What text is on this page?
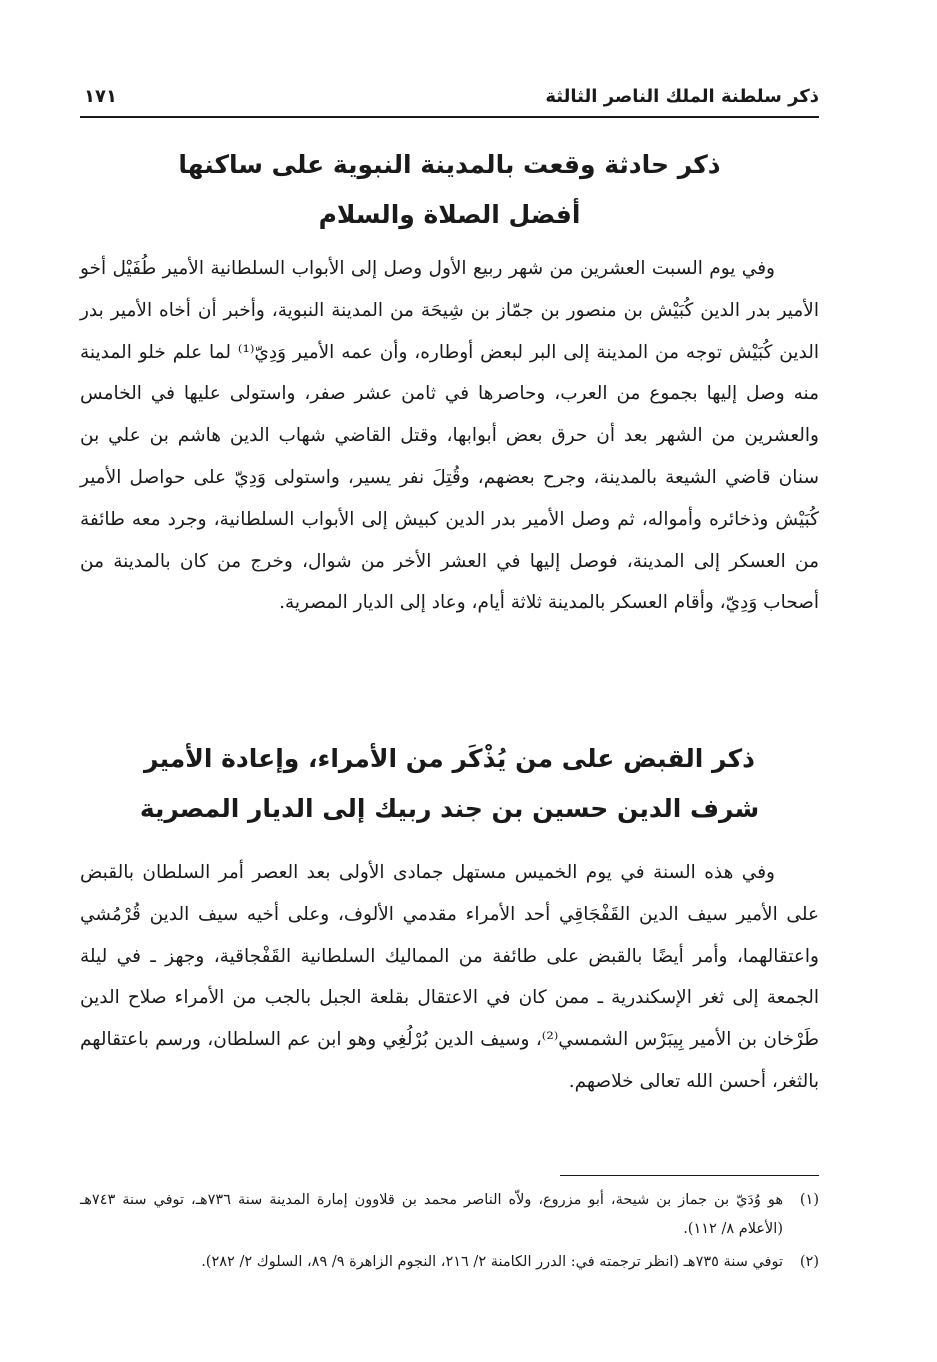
ذكر سلطنة الملك الناصر الثالثة
١٧١
ذكر حادثة وقعت بالمدينة النبوية على ساكنها
أفضل الصلاة والسلام

وفي يوم السبت العشرين من شهر ربيع الأول وصل إلى الأبواب السلطانية الأمير طُفَيْل أخو الأمير بدر الدين كُبَيْش بن منصور بن جمّاز بن شِيحَة من المدينة النبوية، وأخبر أن أخاه الأمير بدر الدين كُبَيْش توجه من المدينة إلى البر لبعض أوطاره، وأن عمه الأمير وَدِيّ⁽¹⁾ لما علم خلو المدينة منه وصل إليها بجموع من العرب، وحاصرها في ثامن عشر صفر، واستولى عليها في الخامس والعشرين من الشهر بعد أن حرق بعض أبوابها، وقتل القاضي شهاب الدين هاشم بن علي بن سنان قاضي الشيعة بالمدينة، وجرح بعضهم، وقُتِلَ نفر يسير، واستولى وَدِيّ على حواصل الأمير كُبَيْش وذخائره وأمواله، ثم وصل الأمير بدر الدين كبيش إلى الأبواب السلطانية، وجرد معه طائفة من العسكر إلى المدينة، فوصل إليها في العشر الأخر من شوال، وخرج من كان بالمدينة من أصحاب وَدِيّ، وأقام العسكر بالمدينة ثلاثة أيام، وعاد إلى الديار المصرية.

ذكر القبض على من يُذْكَر من الأمراء، وإعادة الأمير
شرف الدين حسين بن جند ربيك إلى الديار المصرية

وفي هذه السنة في يوم الخميس مستهل جمادى الأولى بعد العصر أمر السلطان بالقبض على الأمير سيف الدين القَفْجَاقِي أحد الأمراء مقدمي الألوف، وعلى أخيه سيف الدين قُرْمُشي واعتقالهما، وأمر أيضًا بالقبض على طائفة من المماليك السلطانية القَفْجاقية، وجهز ـ في ليلة الجمعة إلى ثغر الإسكندرية ـ ممن كان في الاعتقال بقلعة الجبل بالجب من الأمراء صلاح الدين طَرْخان بن الأمير بِيبَرْس الشمسي⁽²⁾، وسيف الدين بُرْلُغِي وهو ابن عم السلطان، ورسم باعتقالهم بالثغر، أحسن الله تعالى خلاصهم.

(١)
هو وُدَيّ بن جماز بن شيحة، أبو مزروع، ولاّه الناصر محمد بن قلاوون إمارة المدينة سنة ٧٣٦هـ، توفي سنة ٧٤٣هـ (الأعلام ٨/ ١١٢).
(٢)
توفي سنة ٧٣٥هـ (انظر ترجمته في: الدرر الكامنة ٢/ ٢١٦، النجوم الزاهرة ٩/ ٨٩، السلوك ٢/ ٢٨٢).
